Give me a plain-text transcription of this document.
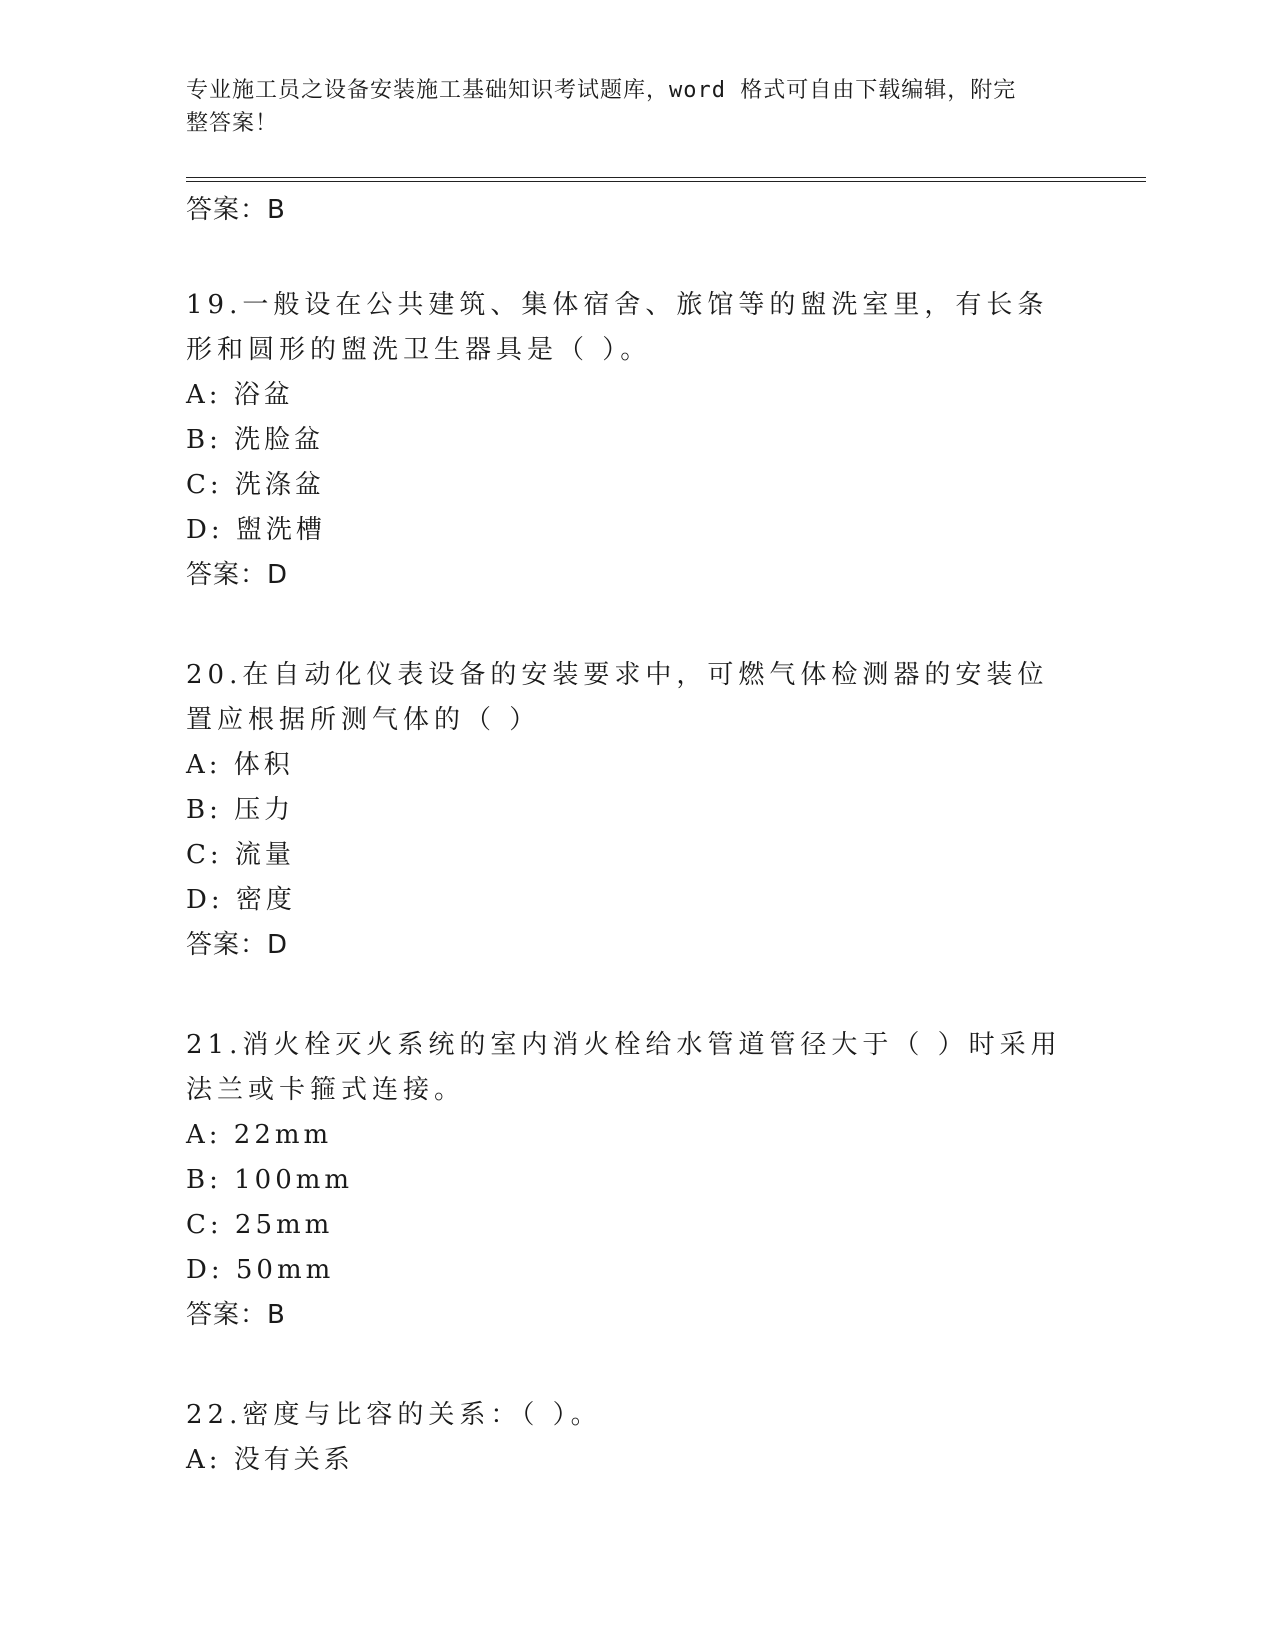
专业施工员之设备安装施工基础知识考试题库，word 格式可自由下载编辑，附完
整答案！
答案：B

19.一般设在公共建筑、集体宿舍、旅馆等的盥洗室里，有长条形和圆形的盥洗卫生器具是（ ）。

A: 浴盆
B: 洗脸盆
C: 洗涤盆
D: 盥洗槽
答案：D

20.在自动化仪表设备的安装要求中，可燃气体检测器的安装位置应根据所测气体的（ ）

A: 体积
B: 压力
C: 流量
D: 密度
答案：D

21.消火栓灭火系统的室内消火栓给水管道管径大于（ ）时采用法兰或卡箍式连接。

A: 22mm
B: 100mm
C: 25mm
D: 50mm
答案：B

22.密度与比容的关系：（ ）。

A: 没有关系
